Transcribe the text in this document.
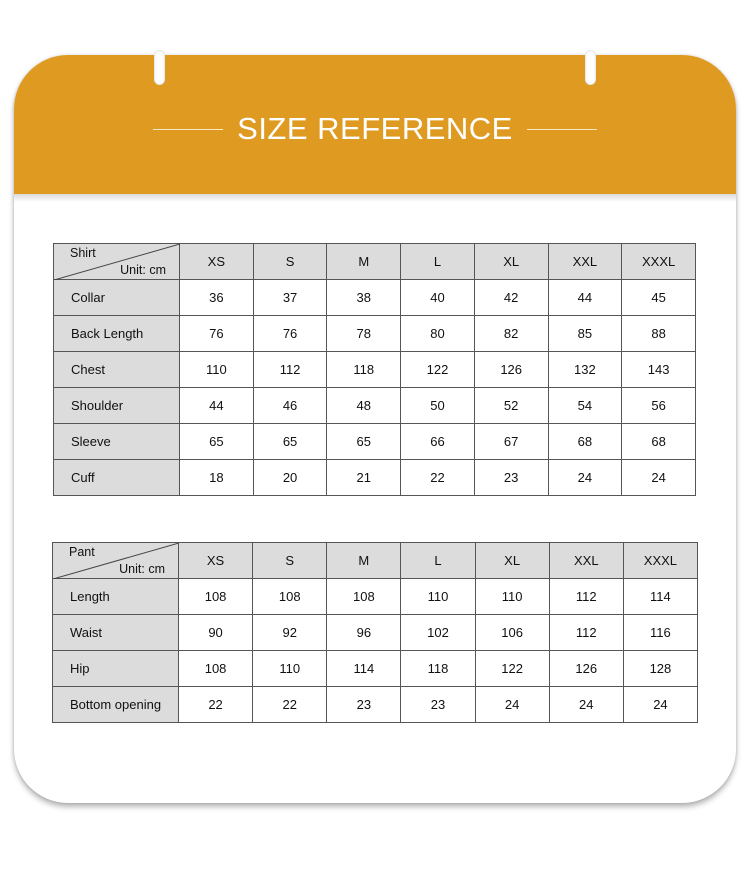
SIZE REFERENCE
Shirt
Unit: cm	XS	S	M	L	XL	XXL	XXXL
Collar	36	37	38	40	42	44	45
Back Length	76	76	78	80	82	85	88
Chest	110	112	118	122	126	132	143
Shoulder	44	46	48	50	52	54	56
Sleeve	65	65	65	66	67	68	68
Cuff	18	20	21	22	23	24	24
Pant
Unit: cm	XS	S	M	L	XL	XXL	XXXL
Length	108	108	108	110	110	112	114
Waist	90	92	96	102	106	112	116
Hip	108	110	114	118	122	126	128
Bottom opening	22	22	23	23	24	24	24
